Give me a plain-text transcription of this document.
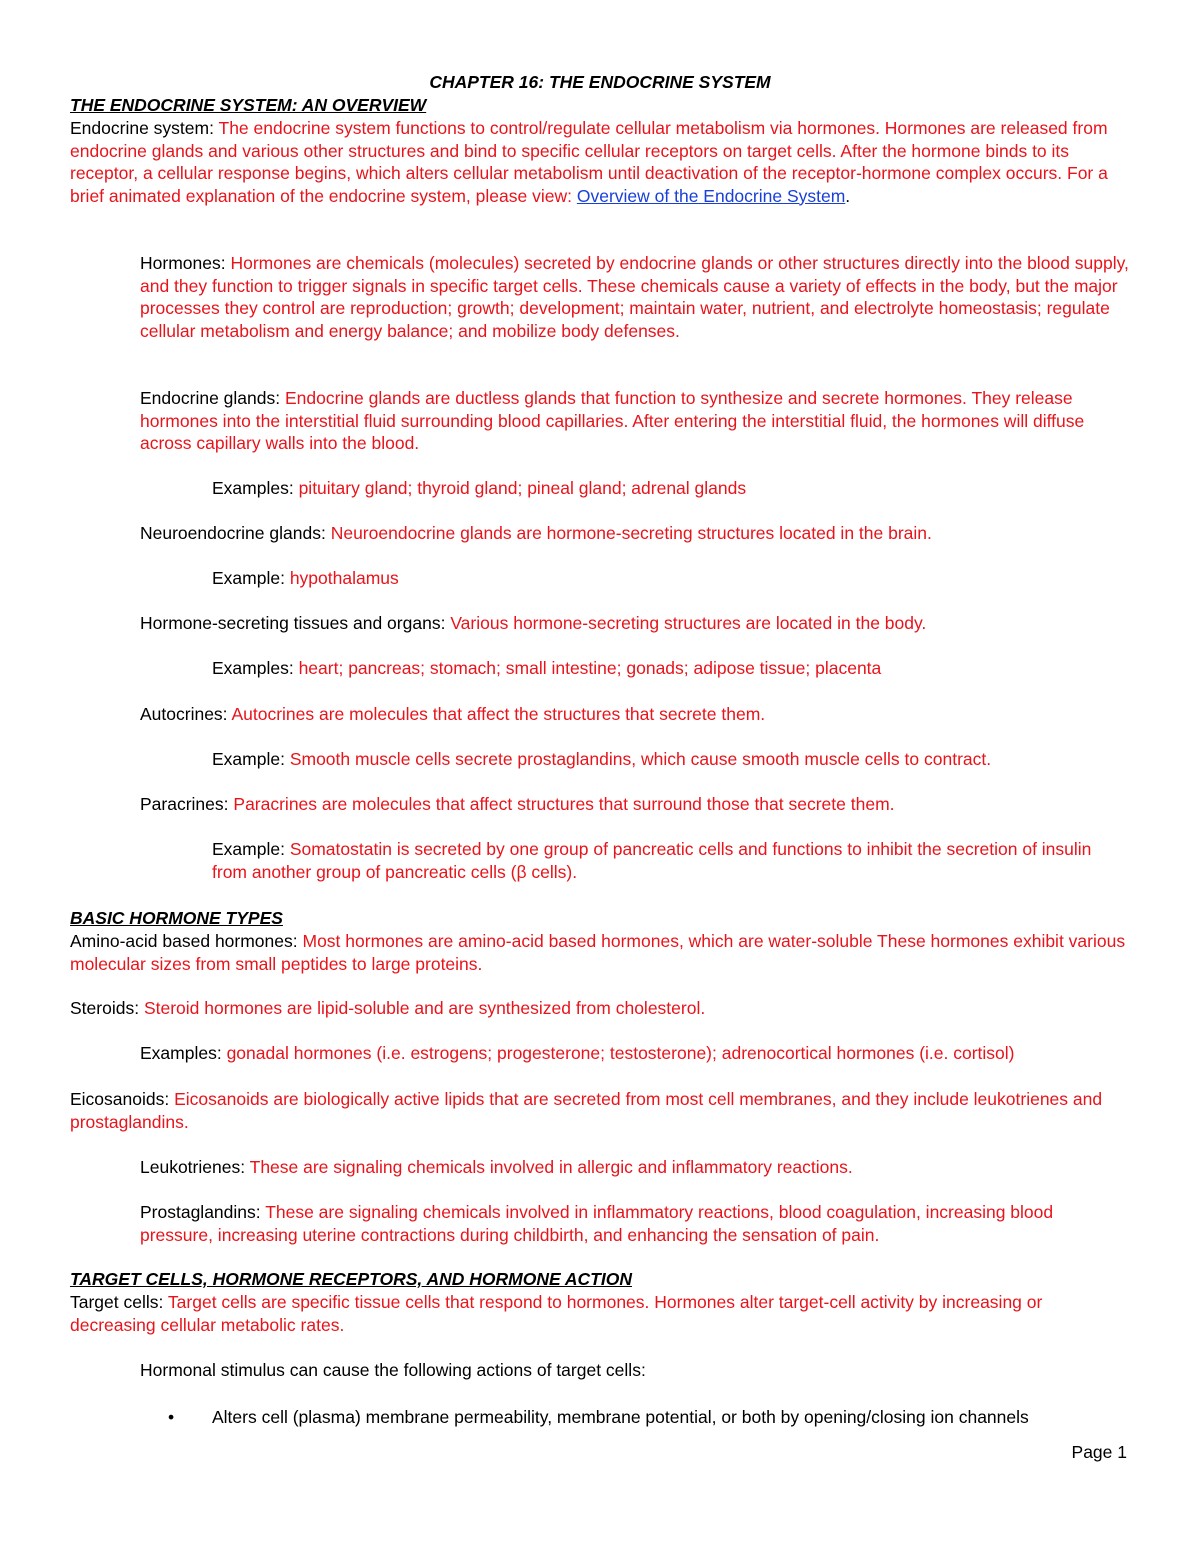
CHAPTER 16: THE ENDOCRINE SYSTEM
THE ENDOCRINE SYSTEM: AN OVERVIEW

Endocrine system: The endocrine system functions to control/regulate cellular metabolism via hormones. Hormones are released from endocrine glands and various other structures and bind to specific cellular receptors on target cells. After the hormone binds to its receptor, a cellular response begins, which alters cellular metabolism until deactivation of the receptor-hormone complex occurs. For a brief animated explanation of the endocrine system, please view: Overview of the Endocrine System.

Hormones: Hormones are chemicals (molecules) secreted by endocrine glands or other structures directly into the blood supply, and they function to trigger signals in specific target cells. These chemicals cause a variety of effects in the body, but the major processes they control are reproduction; growth; development; maintain water, nutrient, and electrolyte homeostasis; regulate cellular metabolism and energy balance; and mobilize body defenses.

Endocrine glands: Endocrine glands are ductless glands that function to synthesize and secrete hormones. They release hormones into the interstitial fluid surrounding blood capillaries. After entering the interstitial fluid, the hormones will diffuse across capillary walls into the blood.

Examples: pituitary gland; thyroid gland; pineal gland; adrenal glands

Neuroendocrine glands: Neuroendocrine glands are hormone-secreting structures located in the brain.

Example: hypothalamus

Hormone-secreting tissues and organs: Various hormone-secreting structures are located in the body.

Examples: heart; pancreas; stomach; small intestine; gonads; adipose tissue; placenta

Autocrines: Autocrines are molecules that affect the structures that secrete them.

Example: Smooth muscle cells secrete prostaglandins, which cause smooth muscle cells to contract.

Paracrines: Paracrines are molecules that affect structures that surround those that secrete them.

Example: Somatostatin is secreted by one group of pancreatic cells and functions to inhibit the secretion of insulin from another group of pancreatic cells (β cells).

BASIC HORMONE TYPES

Amino-acid based hormones: Most hormones are amino-acid based hormones, which are water-soluble These hormones exhibit various molecular sizes from small peptides to large proteins.

Steroids: Steroid hormones are lipid-soluble and are synthesized from cholesterol.

Examples: gonadal hormones (i.e. estrogens; progesterone; testosterone); adrenocortical hormones (i.e. cortisol)

Eicosanoids: Eicosanoids are biologically active lipids that are secreted from most cell membranes, and they include leukotrienes and prostaglandins.

Leukotrienes: These are signaling chemicals involved in allergic and inflammatory reactions.

Prostaglandins: These are signaling chemicals involved in inflammatory reactions, blood coagulation, increasing blood pressure, increasing uterine contractions during childbirth, and enhancing the sensation of pain.

TARGET CELLS, HORMONE RECEPTORS, AND HORMONE ACTION

Target cells: Target cells are specific tissue cells that respond to hormones. Hormones alter target-cell activity by increasing or decreasing cellular metabolic rates.

Hormonal stimulus can cause the following actions of target cells:

• Alters cell (plasma) membrane permeability, membrane potential, or both by opening/closing ion channels
Page 1
